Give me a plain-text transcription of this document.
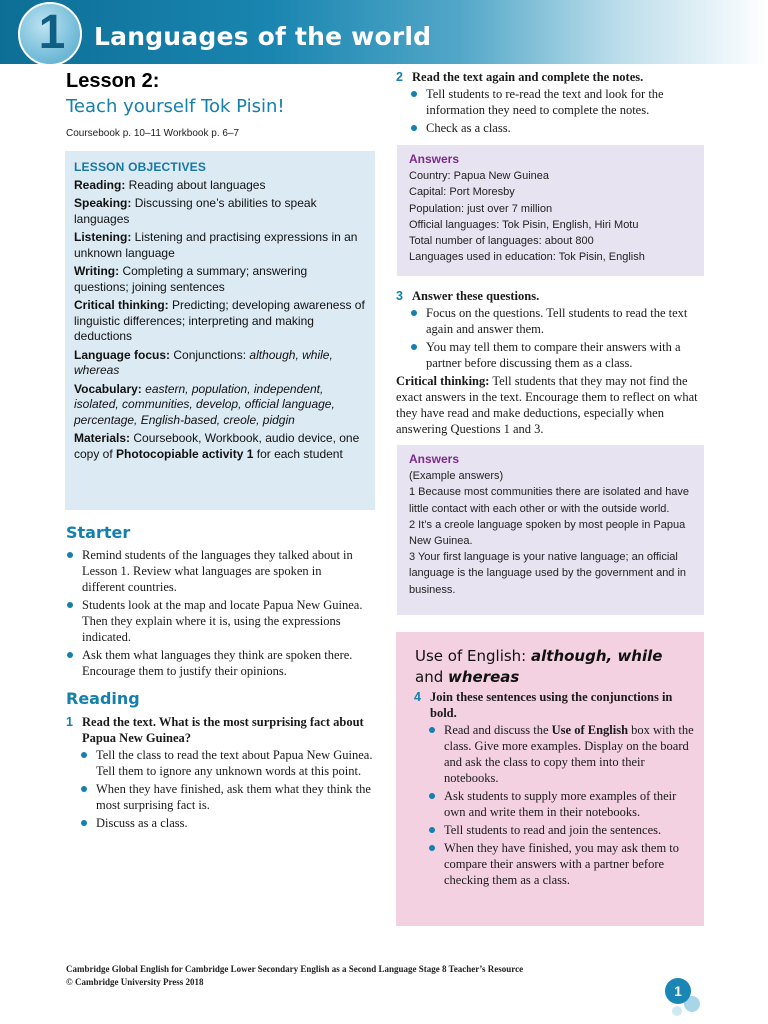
1	Languages of the world
Lesson 2:
Teach yourself Tok Pisin!
Coursebook p. 10–11 Workbook p. 6–7
LESSON OBJECTIVES
Reading: Reading about languages
Speaking: Discussing one’s abilities to speak languages
Listening: Listening and practising expressions in an unknown language
Writing: Completing a summary; answering questions; joining sentences
Critical thinking: Predicting; developing awareness of linguistic differences; interpreting and making deductions
Language focus: Conjunctions: although, while, whereas
Vocabulary: eastern, population, independent, isolated, communities, develop, official language, percentage, English-based, creole, pidgin
Materials: Coursebook, Workbook, audio device, one copy of Photocopiable activity 1 for each student
Starter
Remind students of the languages they talked about in Lesson 1. Review what languages are spoken in different countries.
Students look at the map and locate Papua New Guinea. Then they explain where it is, using the expressions indicated.
Ask them what languages they think are spoken there. Encourage them to justify their opinions.
Reading
1 Read the text. What is the most surprising fact about Papua New Guinea?
Tell the class to read the text about Papua New Guinea. Tell them to ignore any unknown words at this point.
When they have finished, ask them what they think the most surprising fact is.
Discuss as a class.
2 Read the text again and complete the notes.
Tell students to re-read the text and look for the information they need to complete the notes.
Check as a class.
Answers
Country: Papua New Guinea
Capital: Port Moresby
Population: just over 7 million
Official languages: Tok Pisin, English, Hiri Motu
Total number of languages: about 800
Languages used in education: Tok Pisin, English
3 Answer these questions.
Focus on the questions. Tell students to read the text again and answer them.
You may tell them to compare their answers with a partner before discussing them as a class.
Critical thinking: Tell students that they may not find the exact answers in the text. Encourage them to reflect on what they have read and make deductions, especially when answering Questions 1 and 3.
Answers
(Example answers)
1 Because most communities there are isolated and have little contact with each other or with the outside world.
2 It’s a creole language spoken by most people in Papua New Guinea.
3 Your first language is your native language; an official language is the language used by the government and in business.
Use of English: although, while
and whereas
4 Join these sentences using the conjunctions in bold.
Read and discuss the Use of English box with the class. Give more examples. Display on the board and ask the class to copy them into their notebooks.
Ask students to supply more examples of their own and write them in their notebooks.
Tell students to read and join the sentences.
When they have finished, you may ask them to compare their answers with a partner before checking them as a class.
Cambridge Global English for Cambridge Lower Secondary English as a Second Language Stage 8 Teacher’s Resource
© Cambridge University Press 2018
1
